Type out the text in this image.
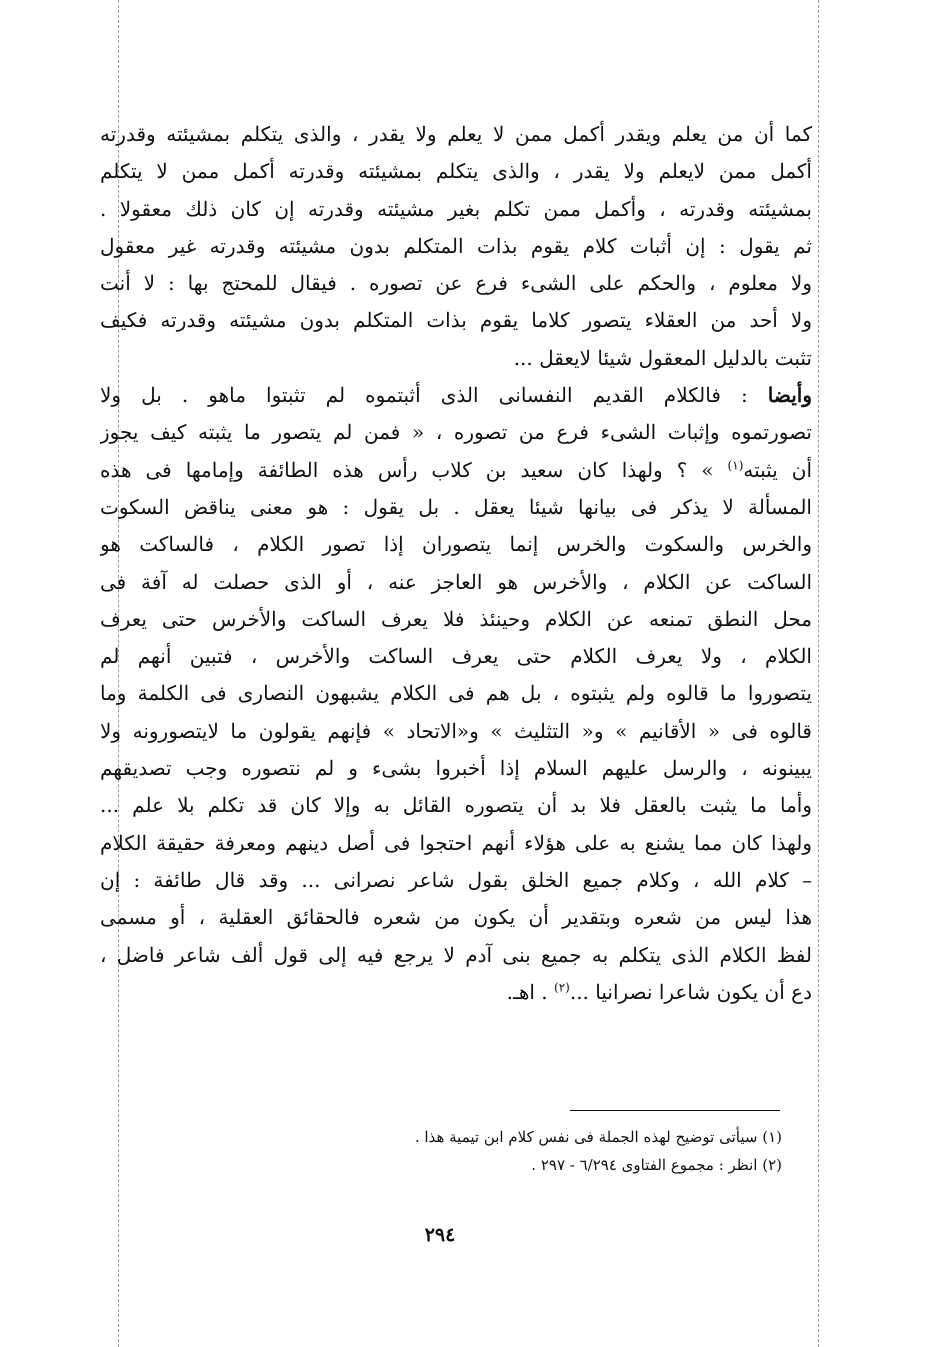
كما أن من يعلم ويقدر أكمل ممن لا يعلم ولا يقدر ، والذى يتكلم بمشيئته وقدرته
أكمل ممن لايعلم ولا يقدر ، والذى يتكلم بمشيئته وقدرته أكمل ممن لا يتكلم
بمشيئته وقدرته ، وأكمل ممن تكلم بغير مشيئته وقدرته إن كان ذلك معقولا .
ثم يقول : إن أثبات كلام يقوم بذات المتكلم بدون مشيئته وقدرته غير معقول
ولا معلوم ، والحكم على الشىء فرع عن تصوره . فيقال للمحتج بها : لا أنت
ولا أحد من العقلاء يتصور كلاما يقوم بذات المتكلم بدون مشيئته وقدرته فكيف
تثبت بالدليل المعقول شيئا لايعقل ...
وأيضا : فالكلام القديم النفسانى الذى أثبتموه لم تثبتوا ماهو . بل ولا
تصورتموه وإثبات الشىء فرع من تصوره ، « فمن لم يتصور ما يثبته كيف يجوز
أن يثبته$^{(١)}$ » ؟ ولهذا كان سعيد بن كلاب رأس هذه الطائفة وإمامها فى هذه
المسألة لا يذكر فى بيانها شيئا يعقل . بل يقول : هو معنى يناقض السكوت
والخرس والسكوت والخرس إنما يتصوران إذا تصور الكلام ، فالساكت هو
الساكت عن الكلام ، والأخرس هو العاجز عنه ، أو الذى حصلت له آفة فى
محل النطق تمنعه عن الكلام وحينئذ فلا يعرف الساكت والأخرس حتى يعرف
الكلام ، ولا يعرف الكلام حتى يعرف الساكت والأخرس ، فتبين أنهم لم
يتصوروا ما قالوه ولم يثبتوه ، بل هم فى الكلام يشبهون النصارى فى الكلمة وما
قالوه فى « الأقانيم » و« التثليث » و«الاتحاد » فإنهم يقولون ما لايتصورونه ولا
يبينونه ، والرسل عليهم السلام إذا أخبروا بشىء و لم نتصوره وجب تصديقهم
وأما ما يثبت بالعقل فلا بد أن يتصوره القائل به وإلا كان قد تكلم بلا علم ...
ولهذا كان مما يشنع به على هؤلاء أنهم احتجوا فى أصل دينهم ومعرفة حقيقة الكلام
– كلام الله ، وكلام جميع الخلق بقول شاعر نصرانى ... وقد قال طائفة : إن
هذا ليس من شعره وبتقدير أن يكون من شعره فالحقائق العقلية ، أو مسمى
لفظ الكلام الذى يتكلم به جميع بنى آدم لا يرجع فيه إلى قول ألف شاعر فاضل ،
دع أن يكون شاعرا نصرانيا ...$^{(٢)}$ . اهـ.
(١) سيأتى توضيح لهذه الجملة فى نفس كلام ابن تيمية هذا .
(٢) انظر : مجموع الفتاوى ٦/٢٩٤ - ٢٩٧ .
٢٩٤
